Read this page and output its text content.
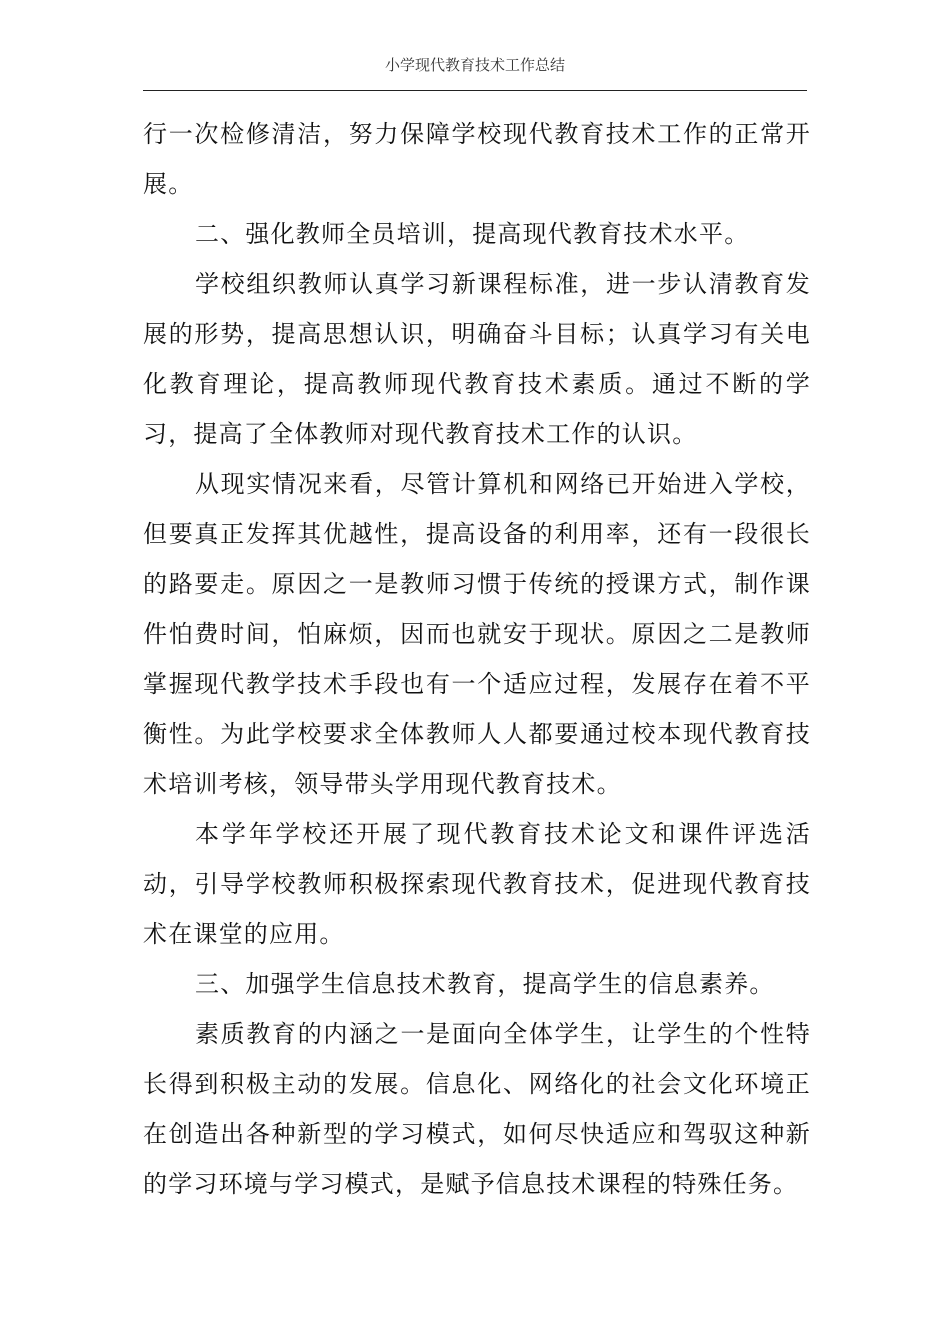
小学现代教育技术工作总结

行一次检修清洁，努力保障学校现代教育技术工作的正常开展。

二、强化教师全员培训，提高现代教育技术水平。

学校组织教师认真学习新课程标准，进一步认清教育发展的形势，提高思想认识，明确奋斗目标；认真学习有关电化教育理论，提高教师现代教育技术素质。通过不断的学习，提高了全体教师对现代教育技术工作的认识。

从现实情况来看，尽管计算机和网络已开始进入学校，但要真正发挥其优越性，提高设备的利用率，还有一段很长的路要走。原因之一是教师习惯于传统的授课方式，制作课件怕费时间，怕麻烦，因而也就安于现状。原因之二是教师掌握现代教学技术手段也有一个适应过程，发展存在着不平衡性。为此学校要求全体教师人人都要通过校本现代教育技术培训考核，领导带头学用现代教育技术。

本学年学校还开展了现代教育技术论文和课件评选活动，引导学校教师积极探索现代教育技术，促进现代教育技术在课堂的应用。

三、加强学生信息技术教育，提高学生的信息素养。

素质教育的内涵之一是面向全体学生，让学生的个性特长得到积极主动的发展。信息化、网络化的社会文化环境正在创造出各种新型的学习模式，如何尽快适应和驾驭这种新的学习环境与学习模式，是赋予信息技术课程的特殊任务。
